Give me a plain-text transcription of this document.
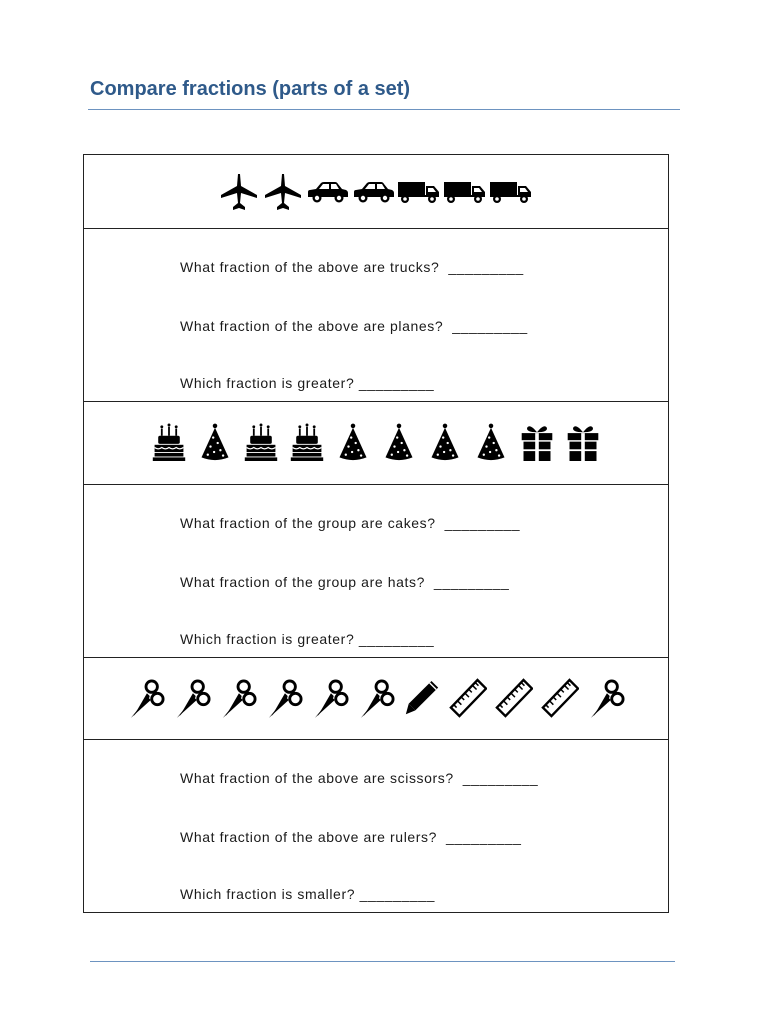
Compare fractions (parts of a set)
What fraction of the above are trucks?  _________
What fraction of the above are planes?  _________
Which fraction is greater? _________
What fraction of the group are cakes?  _________
What fraction of the group are hats?  _________
Which fraction is greater? _________
What fraction of the above are scissors?  _________
What fraction of the above are rulers?  _________
Which fraction is smaller? _________
